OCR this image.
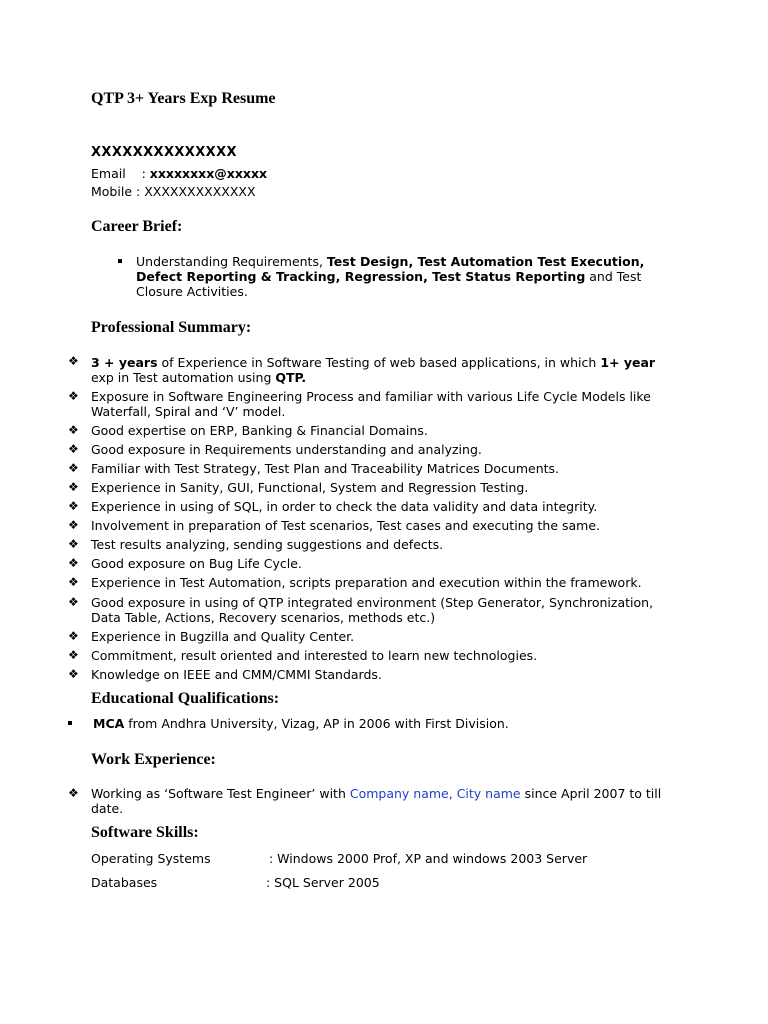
QTP 3+ Years Exp Resume
XXXXXXXXXXXXXX
Email    : xxxxxxxx@xxxxx
Mobile : XXXXXXXXXXXXX
Career Brief:
Understanding Requirements, Test Design, Test Automation Test Execution,
Defect Reporting & Tracking, Regression, Test Status Reporting and Test
Closure Activities.
Professional Summary:
❖ 3 + years of Experience in Software Testing of web based applications, in which 1+ year
exp in Test automation using QTP.
❖ Exposure in Software Engineering Process and familiar with various Life Cycle Models like
Waterfall, Spiral and ‘V’ model.
❖ Good expertise on ERP, Banking & Financial Domains.
❖ Good exposure in Requirements understanding and analyzing.
❖ Familiar with Test Strategy, Test Plan and Traceability Matrices Documents.
❖ Experience in Sanity, GUI, Functional, System and Regression Testing.
❖ Experience in using of SQL, in order to check the data validity and data integrity.
❖ Involvement in preparation of Test scenarios, Test cases and executing the same.
❖ Test results analyzing, sending suggestions and defects.
❖ Good exposure on Bug Life Cycle.
❖ Experience in Test Automation, scripts preparation and execution within the framework.
❖ Good exposure in using of QTP integrated environment (Step Generator, Synchronization,
Data Table, Actions, Recovery scenarios, methods etc.)
❖ Experience in Bugzilla and Quality Center.
❖ Commitment, result oriented and interested to learn new technologies.
❖ Knowledge on IEEE and CMM/CMMI Standards.
Educational Qualifications:
MCA from Andhra University, Vizag, AP in 2006 with First Division.
Work Experience:
❖ Working as ‘Software Test Engineer’ with Company name, City name since April 2007 to till
date.
Software Skills:
Operating Systems	: Windows 2000 Prof, XP and windows 2003 Server
Databases	: SQL Server 2005
